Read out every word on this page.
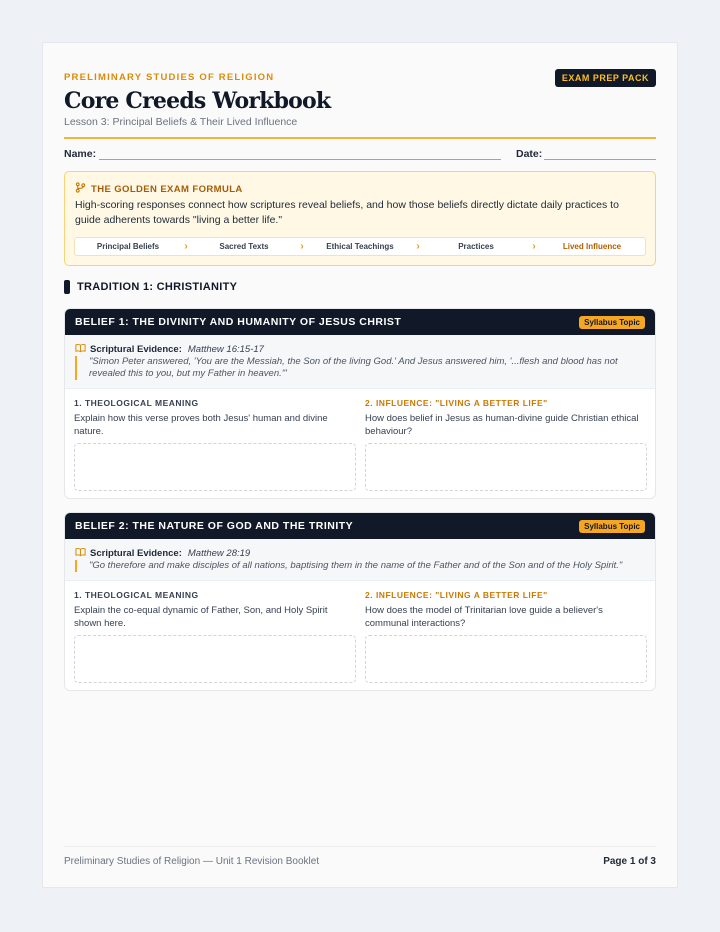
PRELIMINARY STUDIES OF RELIGION	EXAM PREP PACK
Core Creeds Workbook
Lesson 3: Principal Beliefs & Their Lived Influence
Name:	Date:
THE GOLDEN EXAM FORMULA
High-scoring responses connect how scriptures reveal beliefs, and how those beliefs directly dictate daily practices to guide adherents towards "living a better life."
Principal Beliefs	›	Sacred Texts	›	Ethical Teachings	›	Practices	›	Lived Influence
TRADITION 1: CHRISTIANITY
BELIEF 1: THE DIVINITY AND HUMANITY OF JESUS CHRIST	Syllabus Topic
Scriptural Evidence: Matthew 16:15-17
"Simon Peter answered, 'You are the Messiah, the Son of the living God.' And Jesus answered him, '...flesh and blood has not revealed this to you, but my Father in heaven.'"
1. THEOLOGICAL MEANING
Explain how this verse proves both Jesus' human and divine nature.
2. INFLUENCE: "LIVING A BETTER LIFE"
How does belief in Jesus as human-divine guide Christian ethical behaviour?
BELIEF 2: THE NATURE OF GOD AND THE TRINITY	Syllabus Topic
Scriptural Evidence: Matthew 28:19
"Go therefore and make disciples of all nations, baptising them in the name of the Father and of the Son and of the Holy Spirit."
1. THEOLOGICAL MEANING
Explain the co-equal dynamic of Father, Son, and Holy Spirit shown here.
2. INFLUENCE: "LIVING A BETTER LIFE"
How does the model of Trinitarian love guide a believer's communal interactions?
Preliminary Studies of Religion — Unit 1 Revision Booklet	Page 1 of 3
